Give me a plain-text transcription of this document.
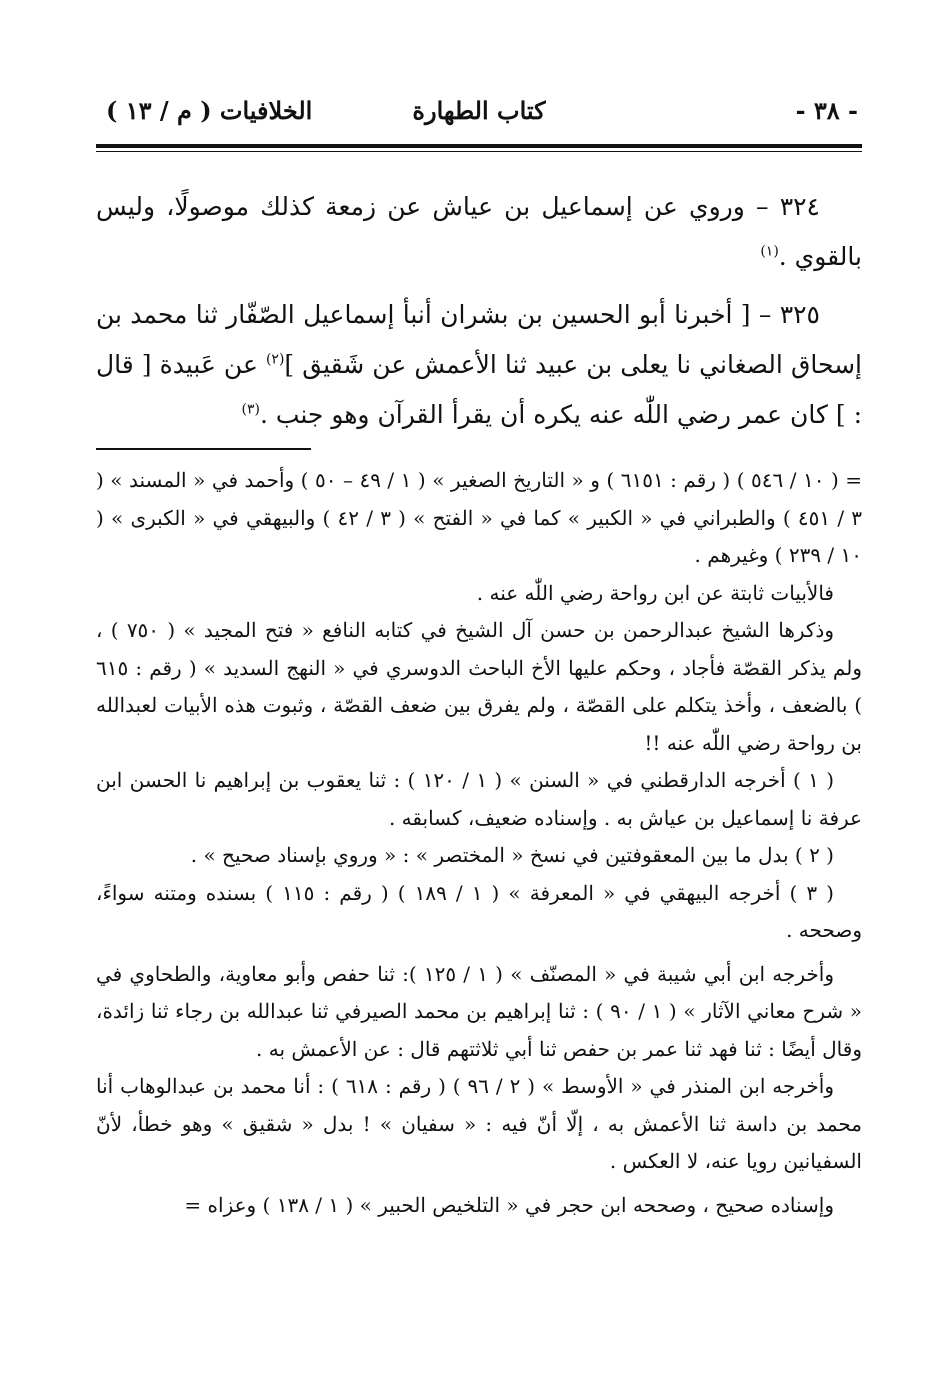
- ٣٨ -
كتاب الطهارة
الخلافيات ( م / ١٣ )

٣٢٤ – وروي عن إسماعيل بن عياش عن زمعة كذلك موصولًا، وليس بالقوي .$^{(١)}$

٣٢٥ – [ أخبرنا أبو الحسين بن بشران أنبأ إسماعيل الصّفّار ثنا محمد بن إسحاق الصغاني نا يعلى بن عبيد ثنا الأعمش عن شَقيق ]$^{(٢)}$ عن عَبيدة [ قال : ] كان عمر رضي اللّٰه عنه يكره أن يقرأ القرآن وهو جنب .$^{(٣)}$

= ( ١٠ / ٥٤٦ ) ( رقم : ٦١٥١ ) و « التاريخ الصغير » ( ١ / ٤٩ – ٥٠ ) وأحمد في « المسند » ( ٣ / ٤٥١ ) والطبراني في « الكبير » كما في « الفتح » ( ٣ / ٤٢ ) والبيهقي في « الكبرى » ( ١٠ / ٢٣٩ ) وغيرهم .

فالأبيات ثابتة عن ابن رواحة رضي اللّٰه عنه .

وذكرها الشيخ عبدالرحمن بن حسن آل الشيخ في كتابه النافع « فتح المجيد » ( ٧٥٠ ) ، ولم يذكر القصّة فأجاد ، وحكم عليها الأخ الباحث الدوسري في « النهج السديد » ( رقم : ٦١٥ ) بالضعف ، وأخذ يتكلم على القصّة ، ولم يفرق بين ضعف القصّة ، وثبوت هذه الأبيات لعبدالله بن رواحة رضي اللّٰه عنه !!

( ١ ) أخرجه الدارقطني في « السنن » ( ١ / ١٢٠ ) : ثنا يعقوب بن إبراهيم نا الحسن ابن عرفة نا إسماعيل بن عياش به . وإسناده ضعيف، كسابقه .

( ٢ ) بدل ما بين المعقوفتين في نسخ « المختصر » : « وروي بإسناد صحيح » .

( ٣ ) أخرجه البيهقي في « المعرفة » ( ١ / ١٨٩ ) ( رقم : ١١٥ ) بسنده ومتنه سواءً، وصححه .

وأخرجه ابن أبي شيبة في « المصنّف » ( ١ / ١٢٥ ): ثنا حفص وأبو معاوية، والطحاوي في « شرح معاني الآثار » ( ١ / ٩٠ ) : ثنا إبراهيم بن محمد الصيرفي ثنا عبدالله بن رجاء ثنا زائدة، وقال أيضًا : ثنا فهد ثنا عمر بن حفص ثنا أبي ثلاثتهم قال : عن الأعمش به .

وأخرجه ابن المنذر في « الأوسط » ( ٢ / ٩٦ ) ( رقم : ٦١٨ ) : أنا محمد بن عبدالوهاب أنا محمد بن داسة ثنا الأعمش به ، إلّا أنّ فيه : « سفيان » ! بدل « شقيق » وهو خطأ، لأنّ السفيانين رويا عنه، لا العكس .

وإسناده صحيح ، وصححه ابن حجر في « التلخيص الحبير » ( ١ / ١٣٨ ) وعزاه =
